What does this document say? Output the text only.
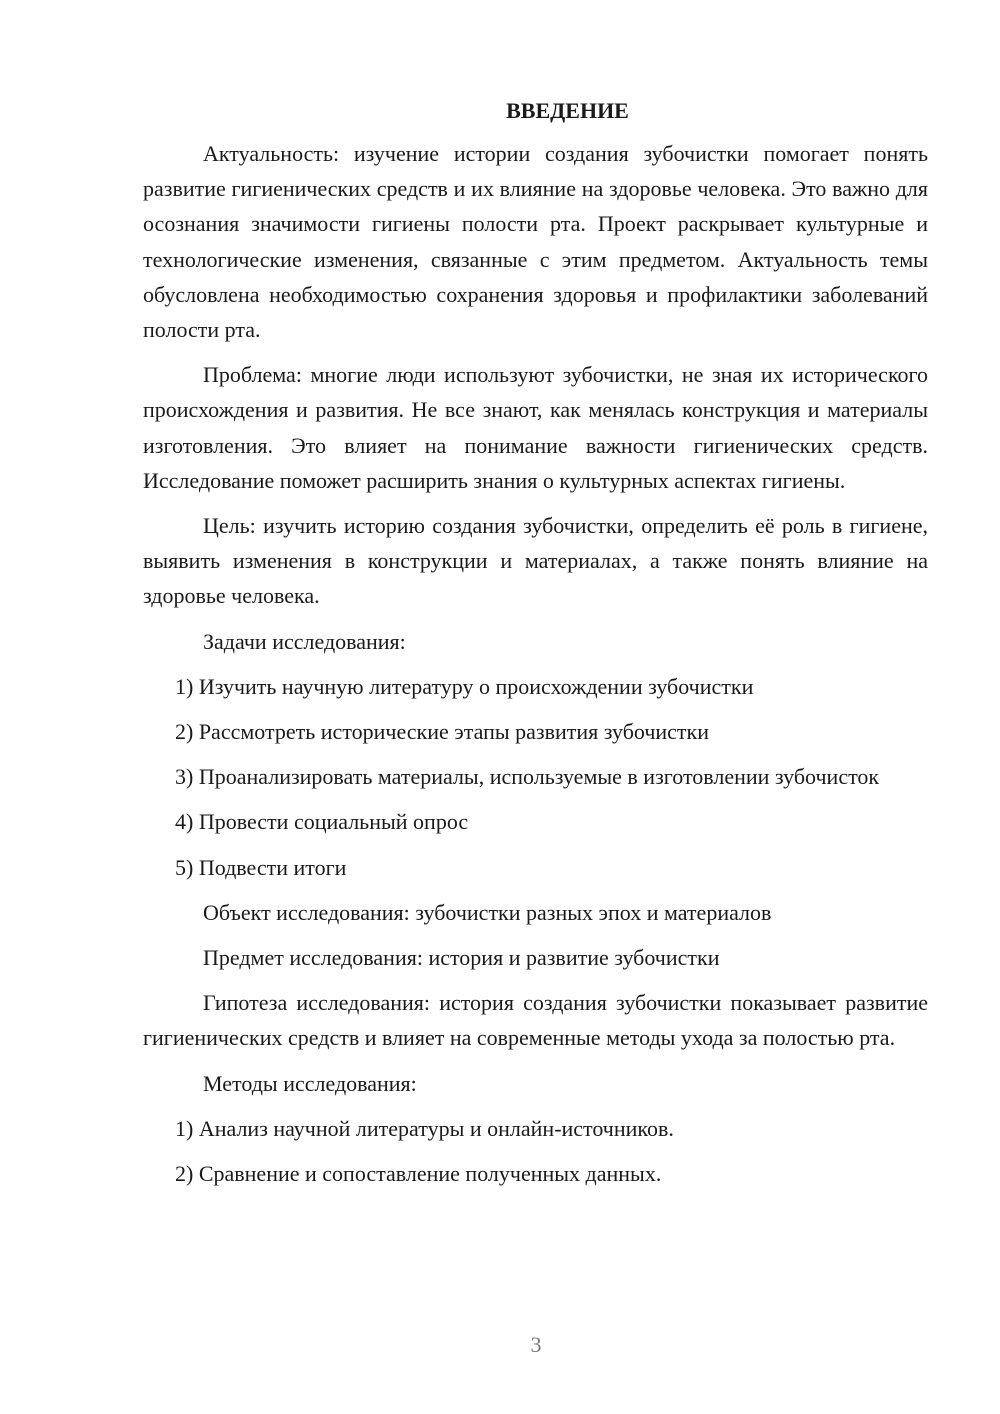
ВВЕДЕНИЕ

Актуальность: изучение истории создания зубочистки помогает понять развитие гигиенических средств и их влияние на здоровье человека. Это важно для осознания значимости гигиены полости рта. Проект раскрывает культурные и технологические изменения, связанные с этим предметом. Актуальность темы обусловлена необходимостью сохранения здоровья и профилактики заболеваний полости рта.

Проблема: многие люди используют зубочистки, не зная их исторического происхождения и развития. Не все знают, как менялась конструкция и материалы изготовления. Это влияет на понимание важности гигиенических средств. Исследование поможет расширить знания о культурных аспектах гигиены.

Цель: изучить историю создания зубочистки, определить её роль в гигиене, выявить изменения в конструкции и материалах, а также понять влияние на здоровье человека.

Задачи исследования:
1) Изучить научную литературу о происхождении зубочистки
2) Рассмотреть исторические этапы развития зубочистки

3) Проанализировать материалы, используемые в изготовлении зубочисток

4) Провести социальный опрос
5) Подвести итоги
Объект исследования: зубочистки разных эпох и материалов
Предмет исследования: история и развитие зубочистки

Гипотеза исследования: история создания зубочистки показывает развитие гигиенических средств и влияет на современные методы ухода за полостью рта.

Методы исследования:
1) Анализ научной литературы и онлайн-источников.
2) Сравнение и сопоставление полученных данных.
3
